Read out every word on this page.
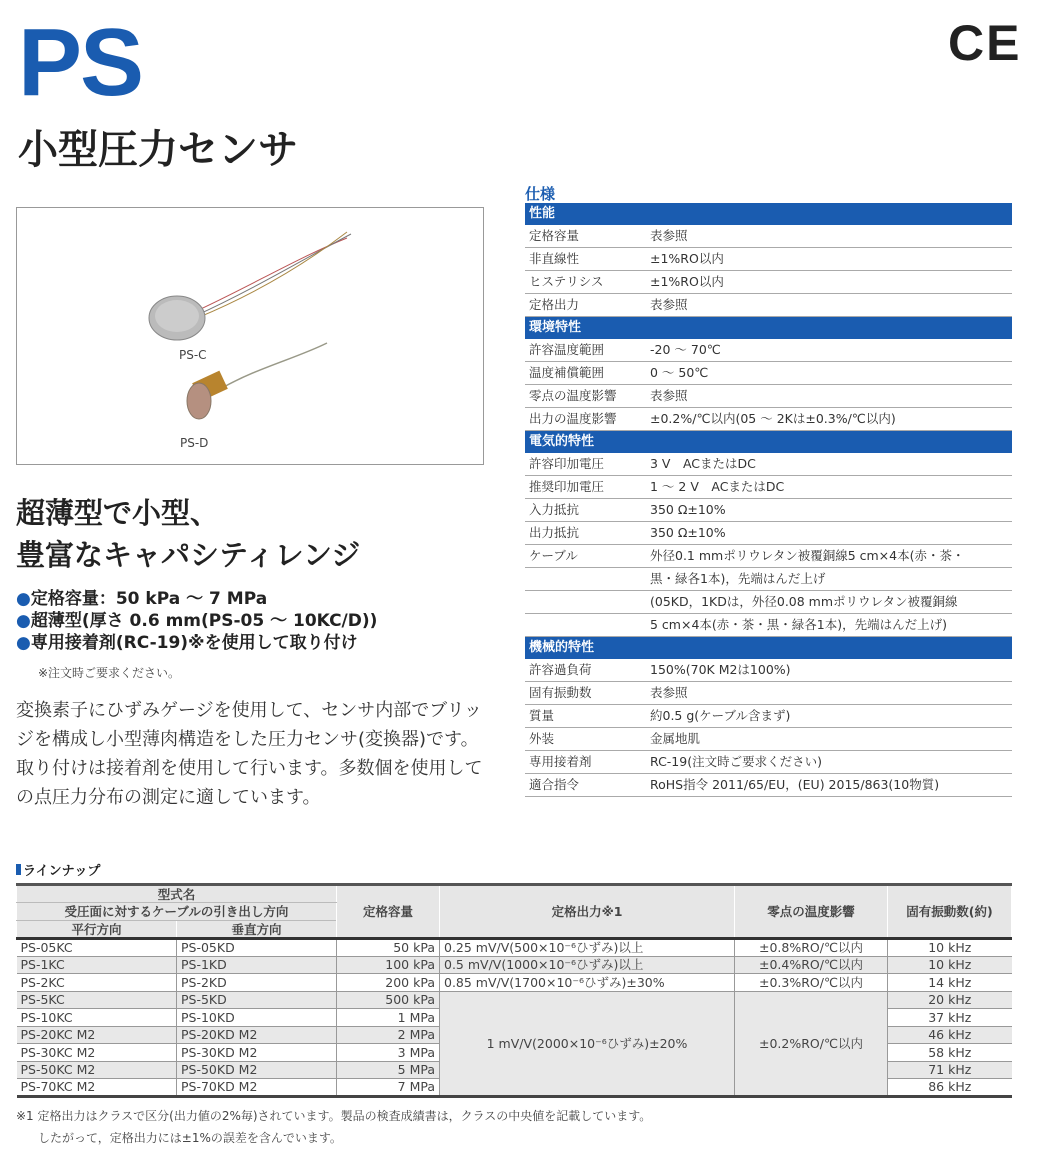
PS
小型圧力センサ
CE
PS-C
PS-D
超薄型で小型、
豊富なキャパシティレンジ
●定格容量：50 kPa ～ 7 MPa
●超薄型(厚さ 0.6 mm(PS-05 ～ 10KC/D))
●専用接着剤(RC-19)※を使用して取り付け
※注文時ご要求ください。
変換素子にひずみゲージを使用して、センサ内部でブリッジを構成し小型薄肉構造をした圧力センサ(変換器)です。取り付けは接着剤を使用して行います。多数個を使用しての点圧力分布の測定に適しています。
仕様
性能
定格容量	表参照
非直線性	±1%RO以内
ヒステリシス	±1%RO以内
定格出力	表参照
環境特性
許容温度範囲	-20 ～ 70℃
温度補償範囲	0 ～ 50℃
零点の温度影響	表参照
出力の温度影響	±0.2%/℃以内(05 ～ 2Kは±0.3%/℃以内)
電気的特性
許容印加電圧	3 V　ACまたはDC
推奨印加電圧	1 ～ 2 V　ACまたはDC
入力抵抗	350 Ω±10%
出力抵抗	350 Ω±10%
ケーブル	外径0.1 mmポリウレタン被覆銅線5 cm×4本(赤・茶・
黒・緑各1本)，先端はんだ上げ
(05KD，1KDは，外径0.08 mmポリウレタン被覆銅線
5 cm×4本(赤・茶・黒・緑各1本)，先端はんだ上げ)
機械的特性
許容過負荷	150%(70K M2は100%)
固有振動数	表参照
質量	約0.5 g(ケーブル含まず)
外装	金属地肌
専用接着剤	RC-19(注文時ご要求ください)
適合指令	RoHS指令 2011/65/EU，(EU) 2015/863(10物質)
ラインナップ
型式名		定格容量	定格出力※1	零点の温度影響	固有振動数(約)
受圧面に対するケーブルの引き出し方向					
平行方向	垂直方向				
PS-05KC	PS-05KD	50 kPa	0.25 mV/V(500×10⁻⁶ひずみ)以上	±0.8%RO/℃以内	10 kHz
PS-1KC	PS-1KD	100 kPa	0.5 mV/V(1000×10⁻⁶ひずみ)以上	±0.4%RO/℃以内	10 kHz
PS-2KC	PS-2KD	200 kPa	0.85 mV/V(1700×10⁻⁶ひずみ)±30%	±0.3%RO/℃以内	14 kHz
PS-5KC	PS-5KD	500 kPa	1 mV/V(2000×10⁻⁶ひずみ)±20%	±0.2%RO/℃以内	20 kHz
PS-10KC	PS-10KD	1 MPa			37 kHz
PS-20KC M2	PS-20KD M2	2 MPa			46 kHz
PS-30KC M2	PS-30KD M2	3 MPa			58 kHz
PS-50KC M2	PS-50KD M2	5 MPa			71 kHz
PS-70KC M2	PS-70KD M2	7 MPa			86 kHz
※1 定格出力はクラスで区分(出力値の2%毎)されています。製品の検査成績書は，クラスの中央値を記載しています。
したがって，定格出力には±1%の誤差を含んでいます。
